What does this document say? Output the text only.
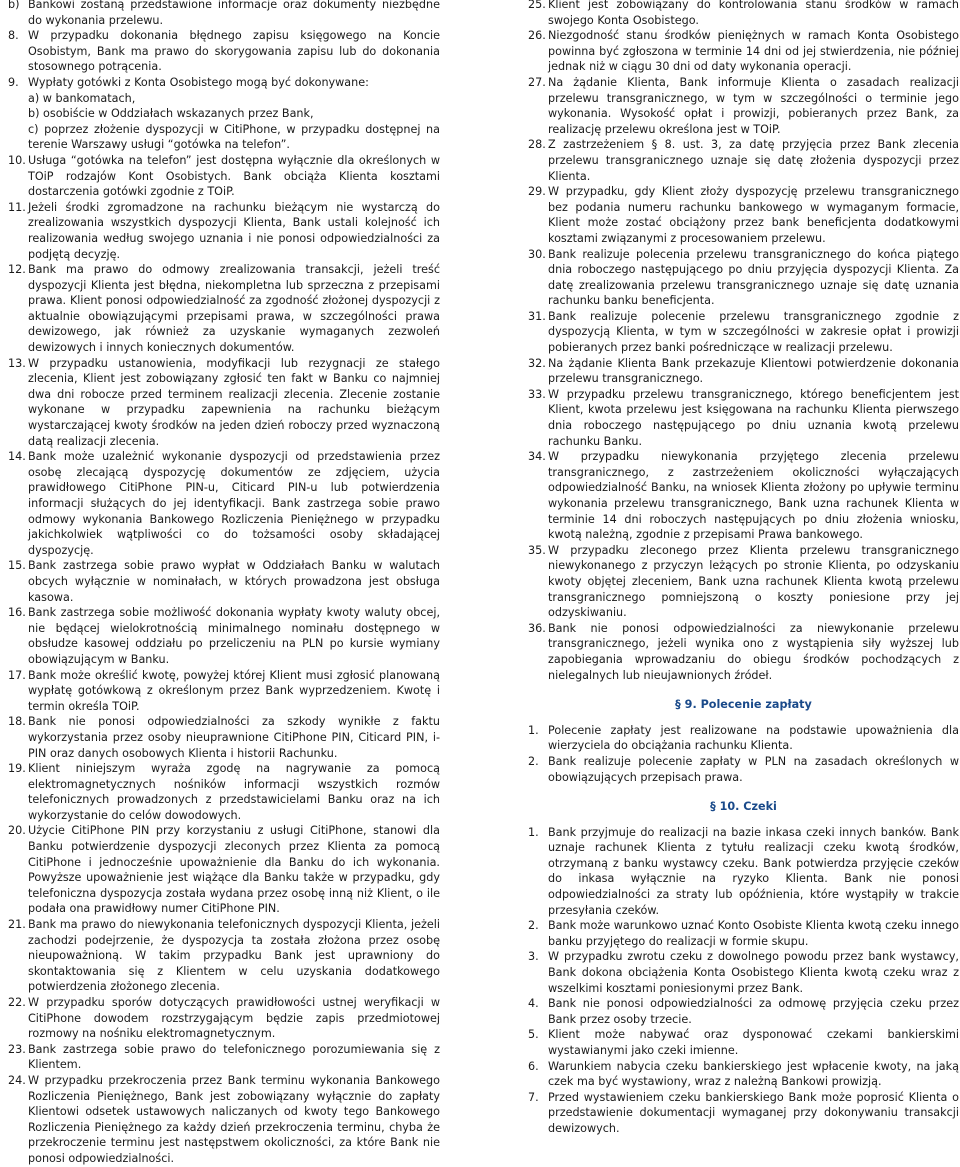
b) Bankowi zostaną przedstawione informacje oraz dokumenty niezbędne do wykonania przelewu.
8. W przypadku dokonania błędnego zapisu księgowego na Koncie Osobistym, Bank ma prawo do skorygowania zapisu lub do dokonania stosownego potrącenia.
9. Wypłaty gotówki z Konta Osobistego mogą być dokonywane:
a) w bankomatach,
b) osobiście w Oddziałach wskazanych przez Bank,
c) poprzez złożenie dyspozycji w CitiPhone, w przypadku dostępnej na terenie Warszawy usługi “gotówka na telefon”.
10. Usługa “gotówka na telefon” jest dostępna wyłącznie dla określonych w TOiP rodzajów Kont Osobistych. Bank obciąża Klienta kosztami dostarczenia gotówki zgodnie z TOiP.
11. Jeżeli środki zgromadzone na rachunku bieżącym nie wystarczą do zrealizowania wszystkich dyspozycji Klienta, Bank ustali kolejność ich realizowania według swojego uznania i nie ponosi odpowiedzialności za podjętą decyzję.
12. Bank ma prawo do odmowy zrealizowania transakcji, jeżeli treść dyspozycji Klienta jest błędna, niekompletna lub sprzeczna z przepisami prawa. Klient ponosi odpowiedzialność za zgodność złożonej dyspozycji z aktualnie obowiązującymi przepisami prawa, w szczególności prawa dewizowego, jak również za uzyskanie wymaganych zezwoleń dewizowych i innych koniecznych dokumentów.
13. W przypadku ustanowienia, modyfikacji lub rezygnacji ze stałego zlecenia, Klient jest zobowiązany zgłosić ten fakt w Banku co najmniej dwa dni robocze przed terminem realizacji zlecenia. Zlecenie zostanie wykonane w przypadku zapewnienia na rachunku bieżącym wystarczającej kwoty środków na jeden dzień roboczy przed wyznaczoną datą realizacji zlecenia.
14. Bank może uzależnić wykonanie dyspozycji od przedstawienia przez osobę zlecającą dyspozycję dokumentów ze zdjęciem, użycia prawidłowego CitiPhone PIN-u, Citicard PIN-u lub potwierdzenia informacji służących do jej identyfikacji. Bank zastrzega sobie prawo odmowy wykonania Bankowego Rozliczenia Pieniężnego w przypadku jakichkolwiek wątpliwości co do tożsamości osoby składającej dyspozycję.
15. Bank zastrzega sobie prawo wypłat w Oddziałach Banku w walutach obcych wyłącznie w nominałach, w których prowadzona jest obsługa kasowa.
16. Bank zastrzega sobie możliwość dokonania wypłaty kwoty waluty obcej, nie będącej wielokrotnością minimalnego nominału dostępnego w obsłudze kasowej oddziału po przeliczeniu na PLN po kursie wymiany obowiązującym w Banku.
17. Bank może określić kwotę, powyżej której Klient musi zgłosić planowaną wypłatę gotówkową z określonym przez Bank wyprzedzeniem. Kwotę i termin określa TOiP.
18. Bank nie ponosi odpowiedzialności za szkody wynikłe z faktu wykorzystania przez osoby nieuprawnione CitiPhone PIN, Citicard PIN, i-PIN oraz danych osobowych Klienta i historii Rachunku.
19. Klient niniejszym wyraża zgodę na nagrywanie za pomocą elektromagnetycznych nośników informacji wszystkich rozmów telefonicznych prowadzonych z przedstawicielami Banku oraz na ich wykorzystanie do celów dowodowych.
20. Użycie CitiPhone PIN przy korzystaniu z usługi CitiPhone, stanowi dla Banku potwierdzenie dyspozycji zleconych przez Klienta za pomocą CitiPhone i jednocześnie upoważnienie dla Banku do ich wykonania. Powyższe upoważnienie jest wiążące dla Banku także w przypadku, gdy telefoniczna dyspozycja została wydana przez osobę inną niż Klient, o ile podała ona prawidłowy numer CitiPhone PIN.
21. Bank ma prawo do niewykonania telefonicznych dyspozycji Klienta, jeżeli zachodzi podejrzenie, że dyspozycja ta została złożona przez osobę nieupoważnioną. W takim przypadku Bank jest uprawniony do skontaktowania się z Klientem w celu uzyskania dodatkowego potwierdzenia złożonego zlecenia.
22. W przypadku sporów dotyczących prawidłowości ustnej weryfikacji w CitiPhone dowodem rozstrzygającym będzie zapis przedmiotowej rozmowy na nośniku elektromagnetycznym.
23. Bank zastrzega sobie prawo do telefonicznego porozumiewania się z Klientem.
24. W przypadku przekroczenia przez Bank terminu wykonania Bankowego Rozliczenia Pieniężnego, Bank jest zobowiązany wyłącznie do zapłaty Klientowi odsetek ustawowych naliczanych od kwoty tego Bankowego Rozliczenia Pieniężnego za każdy dzień przekroczenia terminu, chyba że przekroczenie terminu jest następstwem okoliczności, za które Bank nie ponosi odpowiedzialności.
25. Klient jest zobowiązany do kontrolowania stanu środków w ramach swojego Konta Osobistego.
26. Niezgodność stanu środków pieniężnych w ramach Konta Osobistego powinna być zgłoszona w terminie 14 dni od jej stwierdzenia, nie później jednak niż w ciągu 30 dni od daty wykonania operacji.
27. Na żądanie Klienta, Bank informuje Klienta o zasadach realizacji przelewu transgranicznego, w tym w szczególności o terminie jego wykonania. Wysokość opłat i prowizji, pobieranych przez Bank, za realizację przelewu określona jest w TOiP.
28. Z zastrzeżeniem § 8. ust. 3, za datę przyjęcia przez Bank zlecenia przelewu transgranicznego uznaje się datę złożenia dyspozycji przez Klienta.
29. W przypadku, gdy Klient złoży dyspozycję przelewu transgranicznego bez podania numeru rachunku bankowego w wymaganym formacie, Klient może zostać obciążony przez bank beneficjenta dodatkowymi kosztami związanymi z procesowaniem przelewu.
30. Bank realizuje polecenia przelewu transgranicznego do końca piątego dnia roboczego następującego po dniu przyjęcia dyspozycji Klienta. Za datę zrealizowania przelewu transgranicznego uznaje się datę uznania rachunku banku beneficjenta.
31. Bank realizuje polecenie przelewu transgranicznego zgodnie z dyspozycją Klienta, w tym w szczególności w zakresie opłat i prowizji pobieranych przez banki pośredniczące w realizacji przelewu.
32. Na żądanie Klienta Bank przekazuje Klientowi potwierdzenie dokonania przelewu transgranicznego.
33. W przypadku przelewu transgranicznego, którego beneficjentem jest Klient, kwota przelewu jest księgowana na rachunku Klienta pierwszego dnia roboczego następującego po dniu uznania kwotą przelewu rachunku Banku.
34. W przypadku niewykonania przyjętego zlecenia przelewu transgranicznego, z zastrzeżeniem okoliczności wyłączających odpowiedzialność Banku, na wniosek Klienta złożony po upływie terminu wykonania przelewu transgranicznego, Bank uzna rachunek Klienta w terminie 14 dni roboczych następujących po dniu złożenia wniosku, kwotą należną, zgodnie z przepisami Prawa bankowego.
35. W przypadku zleconego przez Klienta przelewu transgranicznego niewykonanego z przyczyn leżących po stronie Klienta, po odzyskaniu kwoty objętej zleceniem, Bank uzna rachunek Klienta kwotą przelewu transgranicznego pomniejszoną o koszty poniesione przy jej odzyskiwaniu.
36. Bank nie ponosi odpowiedzialności za niewykonanie przelewu transgranicznego, jeżeli wynika ono z wystąpienia siły wyższej lub zapobiegania wprowadzaniu do obiegu środków pochodzących z nielegalnych lub nieujawnionych źródeł.
§ 9. Polecenie zapłaty
1. Polecenie zapłaty jest realizowane na podstawie upoważnienia dla wierzyciela do obciążania rachunku Klienta.
2. Bank realizuje polecenie zapłaty w PLN na zasadach określonych w obowiązujących przepisach prawa.
§ 10. Czeki
1. Bank przyjmuje do realizacji na bazie inkasa czeki innych banków. Bank uznaje rachunek Klienta z tytułu realizacji czeku kwotą środków, otrzymaną z banku wystawcy czeku. Bank potwierdza przyjęcie czeków do inkasa wyłącznie na ryzyko Klienta. Bank nie ponosi odpowiedzialności za straty lub opóźnienia, które wystąpiły w trakcie przesyłania czeków.
2. Bank może warunkowo uznać Konto Osobiste Klienta kwotą czeku innego banku przyjętego do realizacji w formie skupu.
3. W przypadku zwrotu czeku z dowolnego powodu przez bank wystawcy, Bank dokona obciążenia Konta Osobistego Klienta kwotą czeku wraz z wszelkimi kosztami poniesionymi przez Bank.
4. Bank nie ponosi odpowiedzialności za odmowę przyjęcia czeku przez Bank przez osoby trzecie.
5. Klient może nabywać oraz dysponować czekami bankierskimi wystawianymi jako czeki imienne.
6. Warunkiem nabycia czeku bankierskiego jest wpłacenie kwoty, na jaką czek ma być wystawiony, wraz z należną Bankowi prowizją.
7. Przed wystawieniem czeku bankierskiego Bank może poprosić Klienta o przedstawienie dokumentacji wymaganej przy dokonywaniu transakcji dewizowych.
